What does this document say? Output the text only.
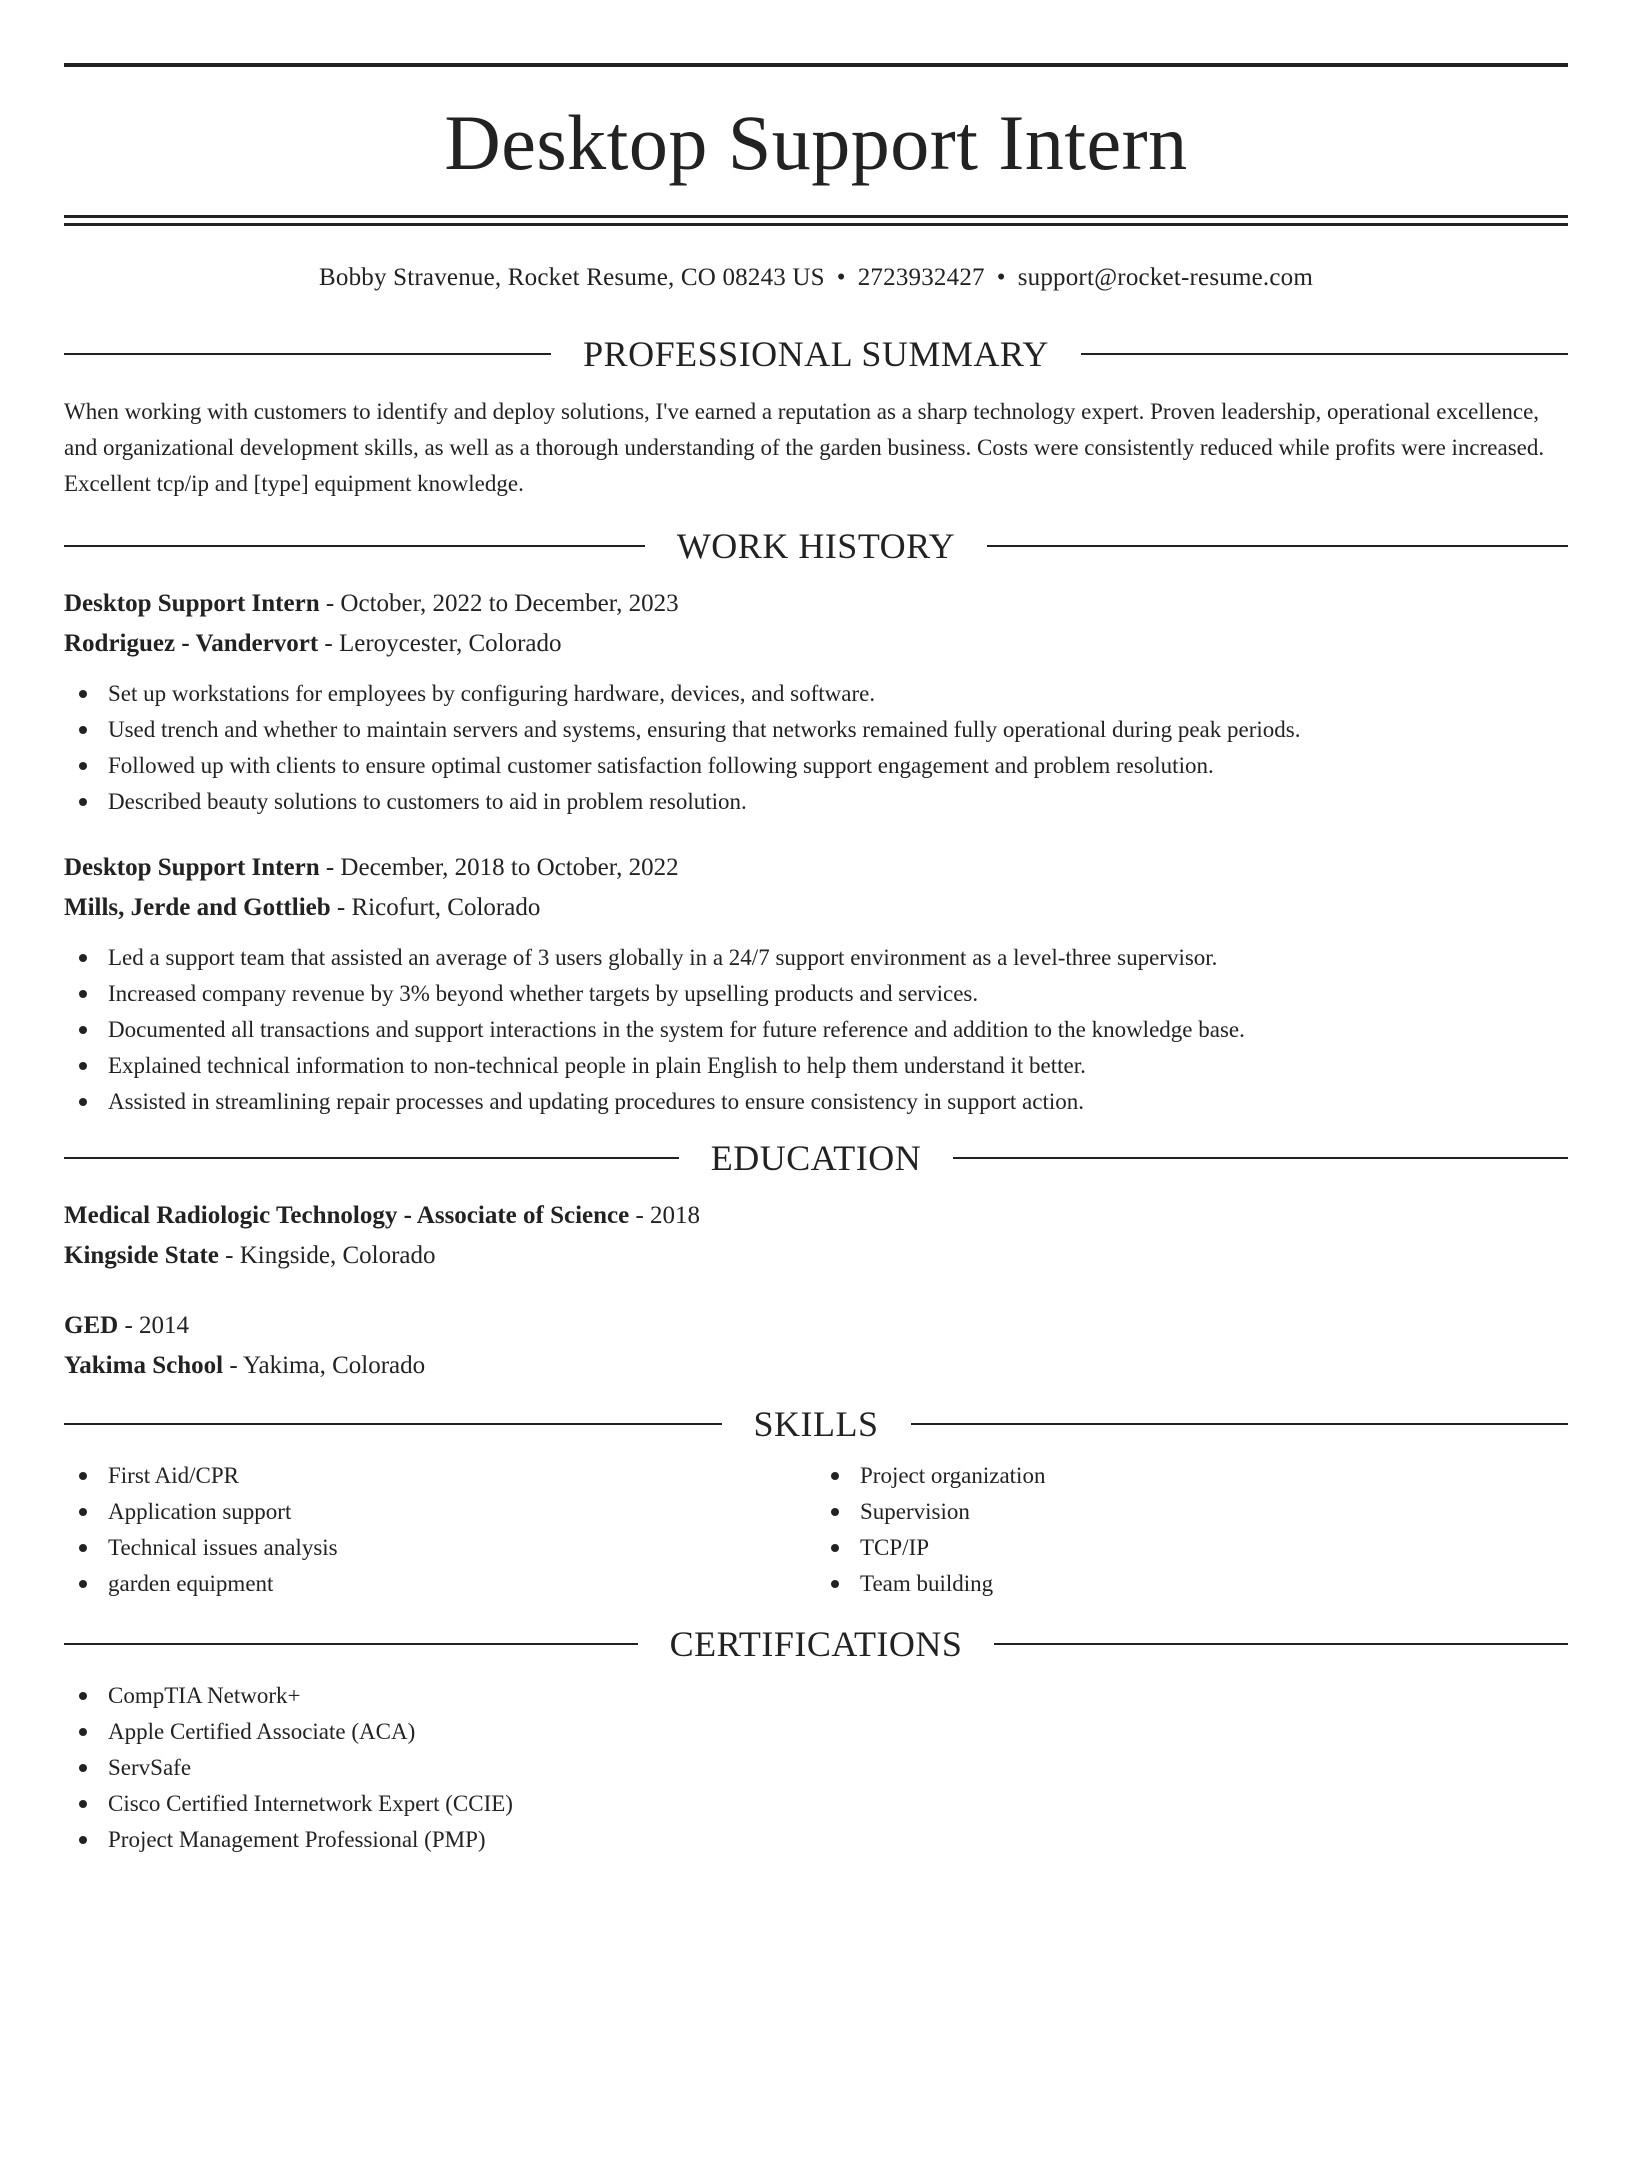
Desktop Support Intern
Bobby Stravenue, Rocket Resume, CO 08243 US • 2723932427 • support@rocket-resume.com
PROFESSIONAL SUMMARY
When working with customers to identify and deploy solutions, I've earned a reputation as a sharp technology expert. Proven leadership, operational excellence, and organizational development skills, as well as a thorough understanding of the garden business. Costs were consistently reduced while profits were increased. Excellent tcp/ip and [type] equipment knowledge.
WORK HISTORY
Desktop Support Intern - October, 2022 to December, 2023
Rodriguez - Vandervort - Leroycester, Colorado
Set up workstations for employees by configuring hardware, devices, and software.
Used trench and whether to maintain servers and systems, ensuring that networks remained fully operational during peak periods.
Followed up with clients to ensure optimal customer satisfaction following support engagement and problem resolution.
Described beauty solutions to customers to aid in problem resolution.
Desktop Support Intern - December, 2018 to October, 2022
Mills, Jerde and Gottlieb - Ricofurt, Colorado
Led a support team that assisted an average of 3 users globally in a 24/7 support environment as a level-three supervisor.
Increased company revenue by 3% beyond whether targets by upselling products and services.
Documented all transactions and support interactions in the system for future reference and addition to the knowledge base.
Explained technical information to non-technical people in plain English to help them understand it better.
Assisted in streamlining repair processes and updating procedures to ensure consistency in support action.
EDUCATION
Medical Radiologic Technology - Associate of Science - 2018
Kingside State - Kingside, Colorado
GED - 2014
Yakima School - Yakima, Colorado
SKILLS
First Aid/CPR
Application support
Technical issues analysis
garden equipment
Project organization
Supervision
TCP/IP
Team building
CERTIFICATIONS
CompTIA Network+
Apple Certified Associate (ACA)
ServSafe
Cisco Certified Internetwork Expert (CCIE)
Project Management Professional (PMP)
